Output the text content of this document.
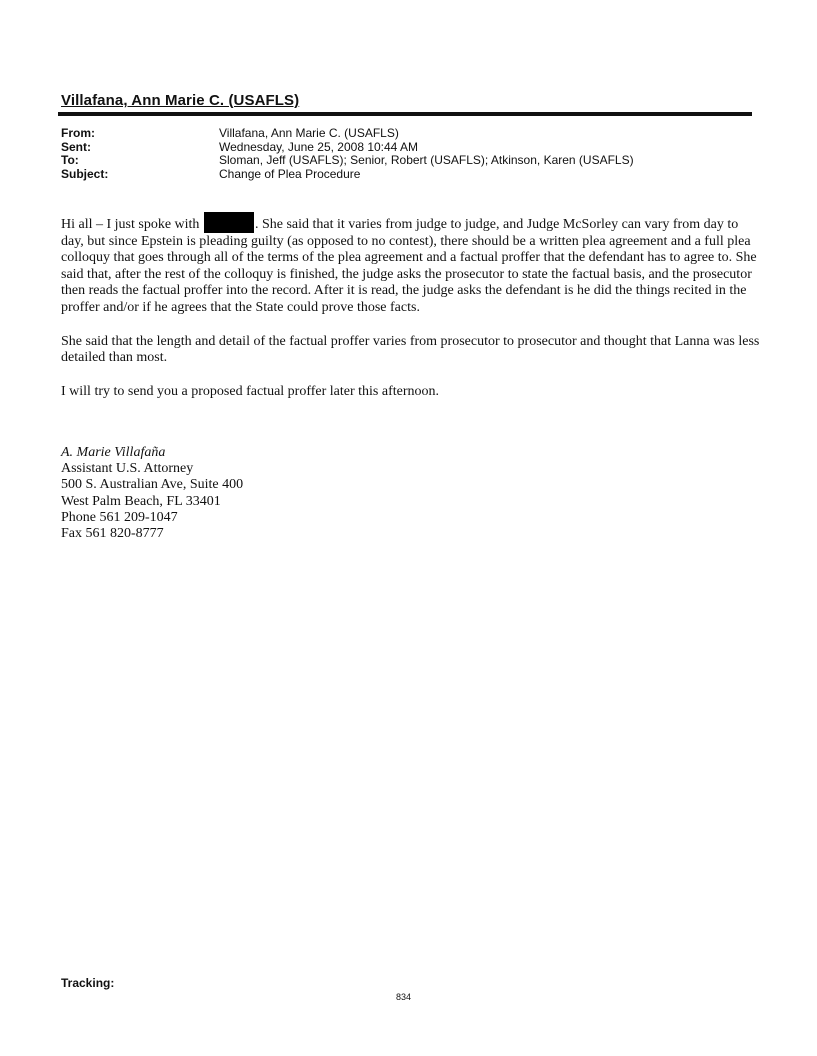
Villafana, Ann Marie C. (USAFLS)
From:	Villafana, Ann Marie C. (USAFLS)
Sent:	Wednesday, June 25, 2008 10:44 AM
To:	Sloman, Jeff (USAFLS); Senior, Robert (USAFLS); Atkinson, Karen (USAFLS)
Subject:	Change of Plea Procedure

Hi all – I just spoke with	. She said that it varies from judge to judge, and Judge McSorley can vary from day to day, but since Epstein is pleading guilty (as opposed to no contest), there should be a written plea agreement and a full plea colloquy that goes through all of the terms of the plea agreement and a factual proffer that the defendant has to agree to. She said that, after the rest of the colloquy is finished, the judge asks the prosecutor to state the factual basis, and the prosecutor then reads the factual proffer into the record. After it is read, the judge asks the defendant is he did the things recited in the proffer and/or if he agrees that the State could prove those facts.

She said that the length and detail of the factual proffer varies from prosecutor to prosecutor and thought that Lanna was less detailed than most.

I will try to send you a proposed factual proffer later this afternoon.

A. Marie Villafaña
Assistant U.S. Attorney
500 S. Australian Ave, Suite 400
West Palm Beach, FL 33401
Phone 561 209-1047
Fax 561 820-8777
Tracking:
834
